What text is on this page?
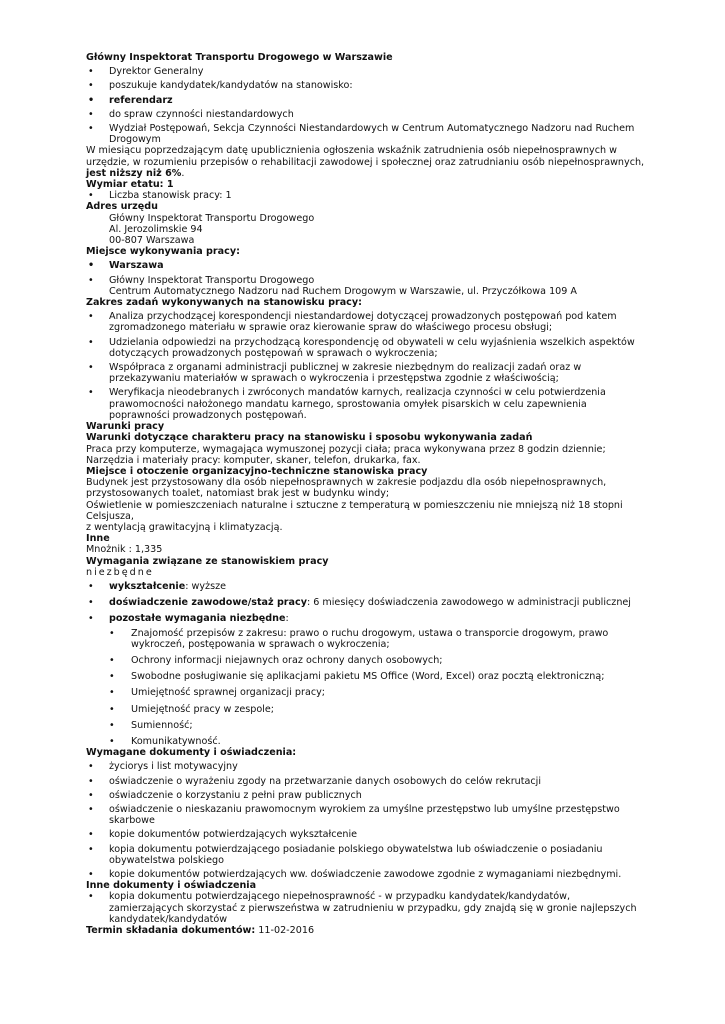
Główny Inspektorat Transportu Drogowego w Warszawie

• Dyrektor Generalny
• poszukuje kandydatek/kandydatów na stanowisko:
• referendarz
• do spraw czynności niestandardowych
• Wydział Postępowań, Sekcja Czynności Niestandardowych w Centrum Automatycznego Nadzoru nad Ruchem Drogowym

W miesiącu poprzedzającym datę upublicznienia ogłoszenia wskaźnik zatrudnienia osób niepełnosprawnych w urzędzie, w rozumieniu przepisów o rehabilitacji zawodowej i społecznej oraz zatrudnianiu osób niepełnosprawnych, jest niższy niż 6%.

Wymiar etatu: 1

• Liczba stanowisk pracy: 1

Adres urzędu

Główny Inspektorat Transportu Drogowego
Al. Jerozolimskie 94
00-807 Warszawa

Miejsce wykonywania pracy:

• Warszawa
• Główny Inspektorat Transportu Drogowego
Centrum Automatycznego Nadzoru nad Ruchem Drogowym w Warszawie, ul. Przyczółkowa 109 A

Zakres zadań wykonywanych na stanowisku pracy:

• Analiza przychodzącej korespondencji niestandardowej dotyczącej prowadzonych postępowań pod katem zgromadzonego materiału w sprawie oraz kierowanie spraw do właściwego procesu obsługi;
• Udzielania odpowiedzi na przychodzącą korespondencję od obywateli w celu wyjaśnienia wszelkich aspektów dotyczących prowadzonych postępowań w sprawach o wykroczenia;
• Współpraca z organami administracji publicznej w zakresie niezbędnym do realizacji zadań oraz w przekazywaniu materiałów w sprawach o wykroczenia i przestępstwa zgodnie z właściwością;
• Weryfikacja nieodebranych i zwróconych mandatów karnych, realizacja czynności w celu potwierdzenia prawomocności nałożonego mandatu karnego, sprostowania omyłek pisarskich w celu zapewnienia poprawności prowadzonych postępowań.

Warunki pracy

Warunki dotyczące charakteru pracy na stanowisku i sposobu wykonywania zadań

Praca przy komputerze, wymagająca wymuszonej pozycji ciała; praca wykonywana przez 8 godzin dziennie;

Narzędzia i materiały pracy: komputer, skaner, telefon, drukarka, fax.

Miejsce i otoczenie organizacyjno-techniczne stanowiska pracy

Budynek jest przystosowany dla osób niepełnosprawnych w zakresie podjazdu dla osób niepełnosprawnych, przystosowanych toalet, natomiast brak jest w budynku windy;

Oświetlenie w pomieszczeniach naturalne i sztuczne z temperaturą w pomieszczeniu nie mniejszą niż 18 stopni Celsjusza,

z wentylacją grawitacyjną i klimatyzacją.

Inne

Mnożnik : 1,335

Wymagania związane ze stanowiskiem pracy

niezbędne

• wykształcenie: wyższe
• doświadczenie zawodowe/staż pracy: 6 miesięcy doświadczenia zawodowego w administracji publicznej
• pozostałe wymagania niezbędne:
• Znajomość przepisów z zakresu: prawo o ruchu drogowym, ustawa o transporcie drogowym, prawo wykroczeń, postępowania w sprawach o wykroczenia;
• Ochrony informacji niejawnych oraz ochrony danych osobowych;
• Swobodne posługiwanie się aplikacjami pakietu MS Office (Word, Excel) oraz pocztą elektroniczną;
• Umiejętność sprawnej organizacji pracy;
• Umiejętność pracy w zespole;
• Sumienność;
• Komunikatywność.

Wymagane dokumenty i oświadczenia:

• życiorys i list motywacyjny
• oświadczenie o wyrażeniu zgody na przetwarzanie danych osobowych do celów rekrutacji
• oświadczenie o korzystaniu z pełni praw publicznych
• oświadczenie o nieskazaniu prawomocnym wyrokiem za umyślne przestępstwo lub umyślne przestępstwo skarbowe
• kopie dokumentów potwierdzających wykształcenie
• kopia dokumentu potwierdzającego posiadanie polskiego obywatelstwa lub oświadczenie o posiadaniu obywatelstwa polskiego
• kopie dokumentów potwierdzających ww. doświadczenie zawodowe zgodnie z wymaganiami niezbędnymi.

Inne dokumenty i oświadczenia

• kopia dokumentu potwierdzającego niepełnosprawność - w przypadku kandydatek/kandydatów, zamierzających skorzystać z pierwszeństwa w zatrudnieniu w przypadku, gdy znajdą się w gronie najlepszych kandydatek/kandydatów

Termin składania dokumentów: 11-02-2016
